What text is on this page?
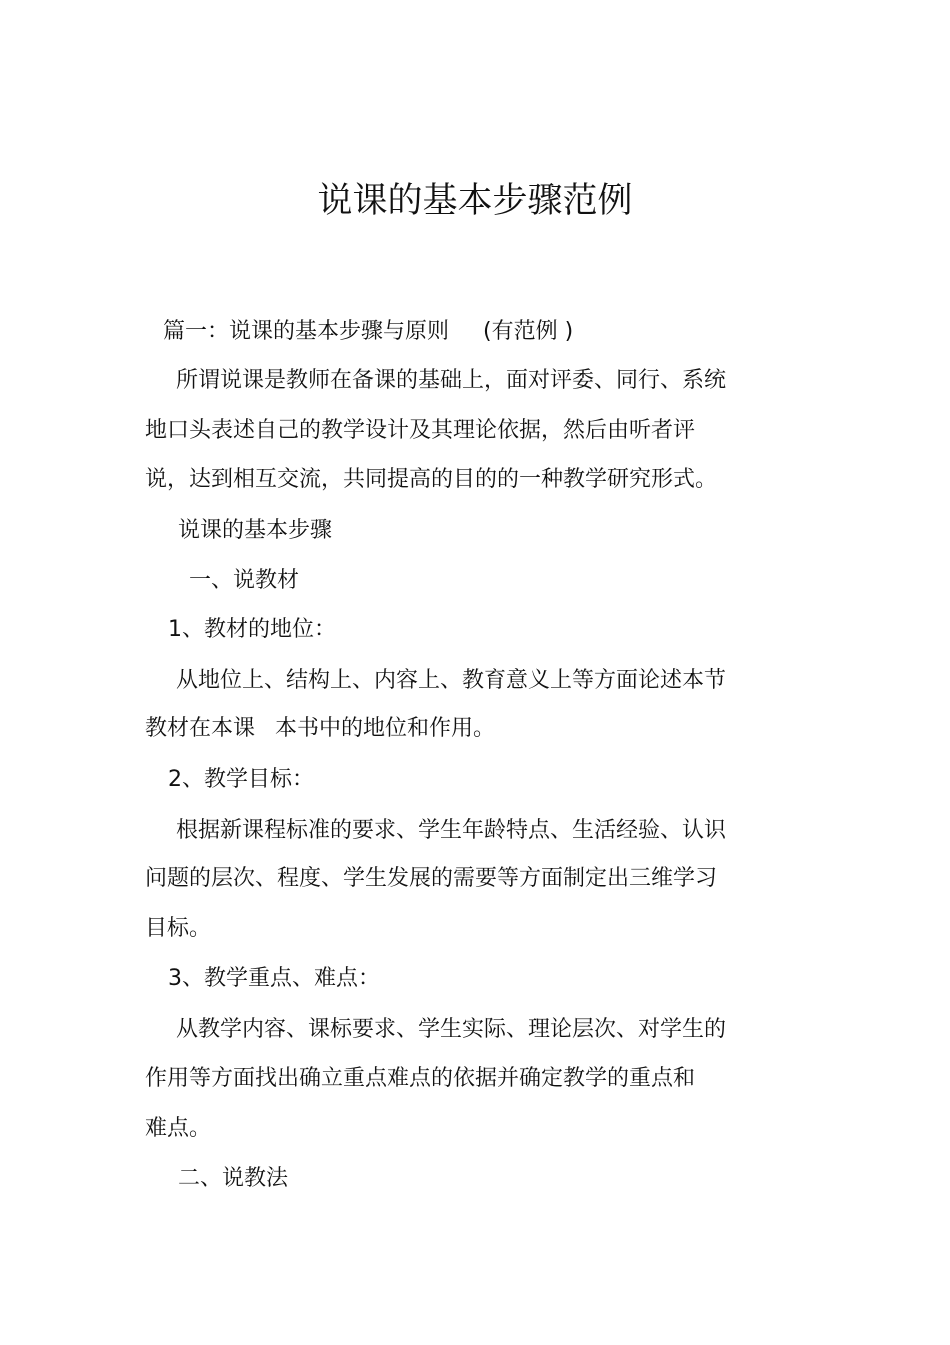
说课的基本步骤范例
篇一：说课的基本步骤与原则 (有范例 )
所谓说课是教师在备课的基础上，面对评委、同行、系统
地口头表述自己的教学设计及其理论依据，然后由听者评
说，达到相互交流，共同提高的目的的一种教学研究形式。
说课的基本步骤
一、说教材
1、教材的地位：
从地位上、结构上、内容上、教育意义上等方面论述本节
教材在本课 本书中的地位和作用。
2、教学目标：
根据新课程标准的要求、学生年龄特点、生活经验、认识
问题的层次、程度、学生发展的需要等方面制定出三维学习
目标。
3、教学重点、难点：
从教学内容、课标要求、学生实际、理论层次、对学生的
作用等方面找出确立重点难点的依据并确定教学的重点和
难点。
二、说教法
